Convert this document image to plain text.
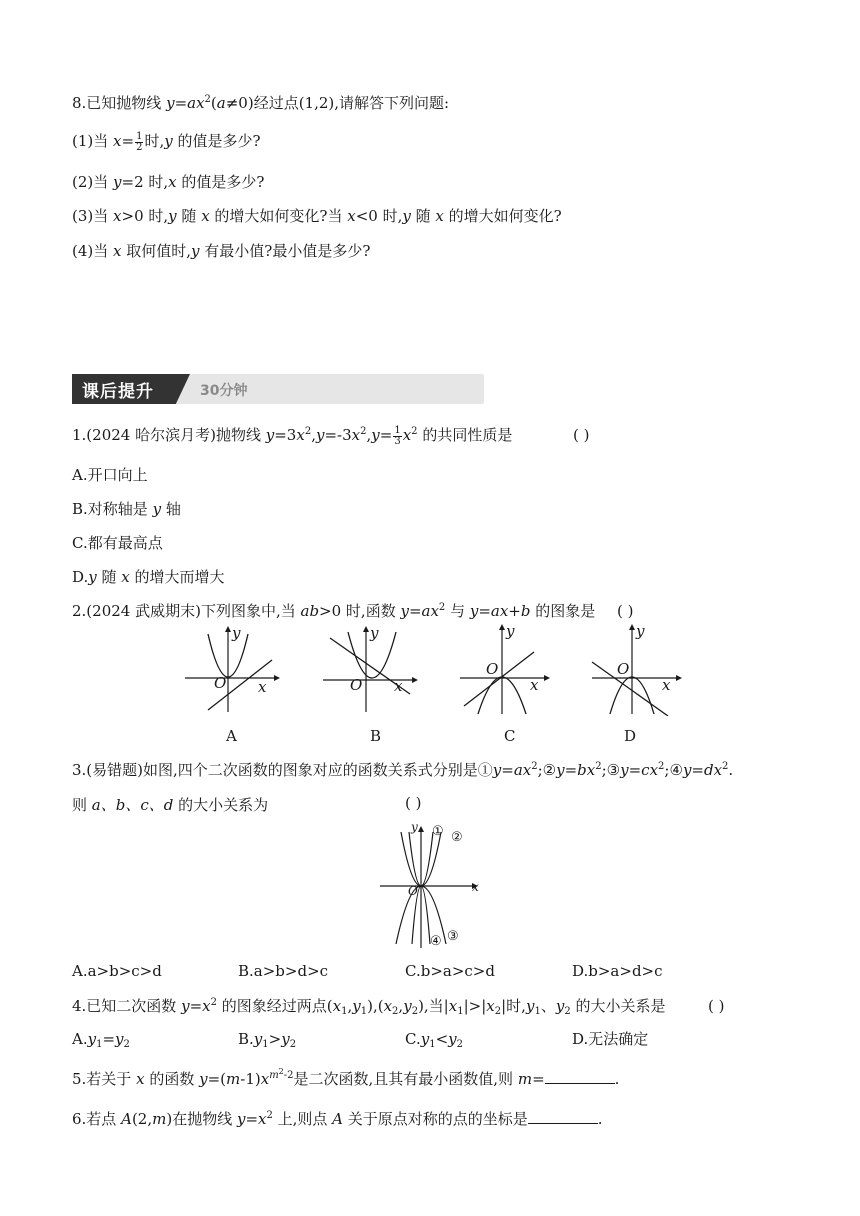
8.已知抛物线 $y=ax^2(a\ne 0)$经过点(1,2),请解答下列问题:
(1)当 $x= \frac{1}{2}$ 时,y 的值是多少?
(2)当 y=2 时,x 的值是多少?
(3)当 x>0 时,y 随 x 的增大如何变化?当 x<0 时,y 随 x 的增大如何变化?
(4)当 x 取何值时,y 有最小值?最小值是多少?
课后提升	30分钟
1.(2024 哈尔滨月考)抛物线 $y=3x^2,y=-3x^2,y= \frac{1}{3} x^2$ 的共同性质是	( )
A.开口向上
B.对称轴是 y 轴
C.都有最高点
D.y 随 x 的增大而增大
2.(2024 武威期末)下列图象中,当 ab>0 时,函数 $y=ax^2$ 与 y=ax+b 的图象是 ( )
y
x
O
A
y
x
O
B
y
x
O
C
y
x
O
D
3.(易错题)如图,四个二次函数的图象对应的函数关系式分别是$①y=ax^2;②y=bx^2;③y=cx^2;④y=dx^2$.
则 a、b、c、d 的大小关系为	( )
y
x
O
① ②
③
④
A.a>b>c>d	B.a>b>d>c	C.b>a>c>d	D.b>a>d>c
4.已知二次函数 $y=x^2$ 的图象经过两点$(x_1,y_1),(x_2,y_2)$,当$|x_1|>|x_2|$时$,y_1$、$y_2$ 的大小关系是	( )
$A.y_1=y_2$	$B.y_1>y_2$	$C.y_1<y_2$	D.无法确定
5.若关于 x 的函数 $y=(m-1)x^{m^2-2}$是二次函数,且其有最小函数值,则 m=	.
6.若点 A(2,m)在抛物线 $y=x^2$ 上,则点 A 关于原点对称的点的坐标是	.
